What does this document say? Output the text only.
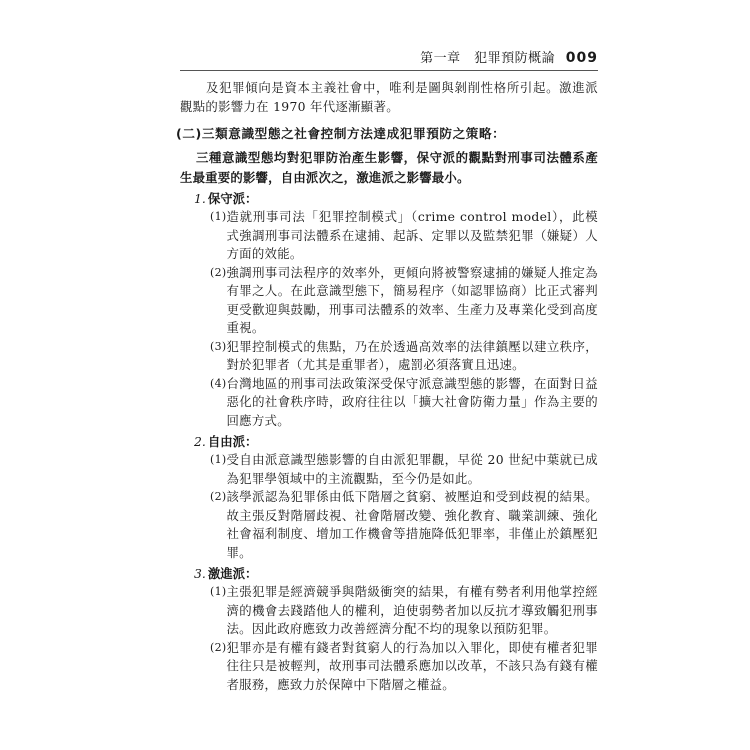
第一章　犯罪預防概論 009

及犯罪傾向是資本主義社會中，唯利是圖與剝削性格所引起。激進派觀點的影響力在 1970 年代逐漸顯著。

(二)三類意識型態之社會控制方法達成犯罪預防之策略：

三種意識型態均對犯罪防治產生影響，保守派的觀點對刑事司法體系產生最重要的影響，自由派次之，激進派之影響最小。

1. 保守派：
(1) 造就刑事司法「犯罪控制模式」（crime control model），此模式強調刑事司法體系在逮捕、起訴、定罪以及監禁犯罪（嫌疑）人方面的效能。
(2) 強調刑事司法程序的效率外，更傾向將被警察逮捕的嫌疑人推定為有罪之人。在此意識型態下，簡易程序（如認罪協商）比正式審判更受歡迎與鼓勵，刑事司法體系的效率、生產力及專業化受到高度重視。
(3) 犯罪控制模式的焦點，乃在於透過高效率的法律鎮壓以建立秩序，對於犯罪者（尤其是重罪者），處罰必須落實且迅速。
(4) 台灣地區的刑事司法政策深受保守派意識型態的影響，在面對日益惡化的社會秩序時，政府往往以「擴大社會防衛力量」作為主要的回應方式。
2. 自由派：
(1) 受自由派意識型態影響的自由派犯罪觀，早從 20 世紀中葉就已成為犯罪學領域中的主流觀點，至今仍是如此。
(2) 該學派認為犯罪係由低下階層之貧窮、被壓迫和受到歧視的結果。故主張反對階層歧視、社會階層改變、強化教育、職業訓練、強化社會福利制度、增加工作機會等措施降低犯罪率，非僅止於鎮壓犯罪。
3. 激進派：
(1) 主張犯罪是經濟競爭與階級衝突的結果，有權有勢者利用他掌控經濟的機會去踐踏他人的權利，迫使弱勢者加以反抗才導致觸犯刑事法。因此政府應致力改善經濟分配不均的現象以預防犯罪。
(2) 犯罪亦是有權有錢者對貧窮人的行為加以入罪化，即使有權者犯罪往往只是被輕判，故刑事司法體系應加以改革，不該只為有錢有權者服務，應致力於保障中下階層之權益。
